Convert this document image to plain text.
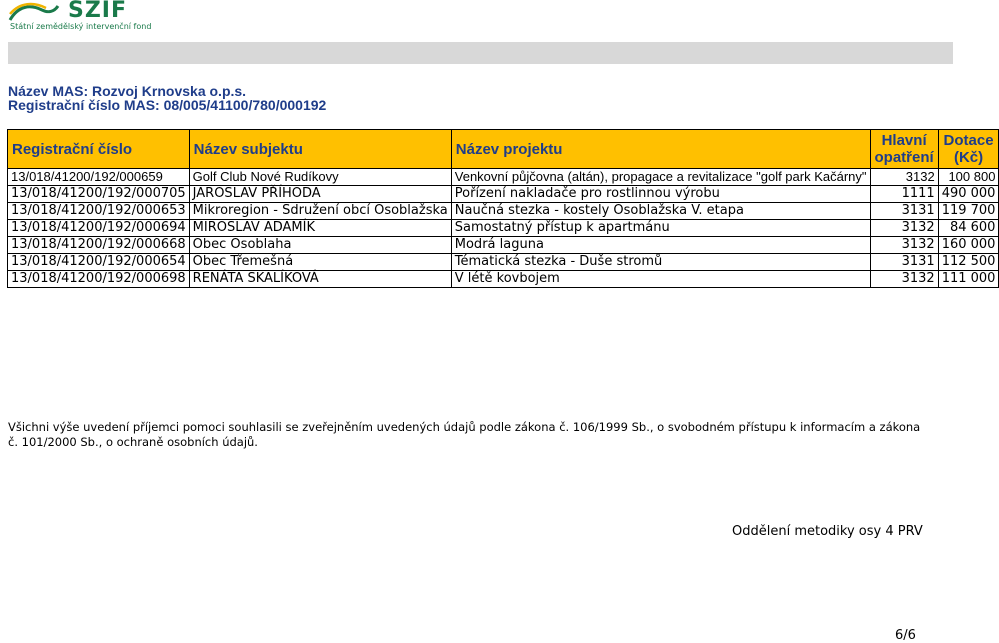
SZIF
Státní zemědělský intervenční fond
Název MAS: Rozvoj Krnovska o.p.s.
Registrační číslo MAS: 08/005/41100/780/000192
Registrační číslo	Název subjektu	Název projektu	Hlavní opatření	Dotace (Kč)
13/018/41200/192/000659	Golf Club Nové Rudíkovy	Venkovní půjčovna (altán), propagace a revitalizace "golf park Kačárny"	3132	100 800
13/018/41200/192/000705	JAROSLAV PŘÍHODA	Pořízení nakladače pro rostlinnou výrobu	1111	490 000
13/018/41200/192/000653	Mikroregion - Sdružení obcí Osoblažska	Naučná stezka - kostely Osoblažska V. etapa	3131	119 700
13/018/41200/192/000694	MIROSLAV ADAMÍK	Samostatný přístup k apartmánu	3132	84 600
13/018/41200/192/000668	Obec Osoblaha	Modrá laguna	3132	160 000
13/018/41200/192/000654	Obec Třemešná	Tématická stezka - Duše stromů	3131	112 500
13/018/41200/192/000698	RENÁTA SKALÍKOVÁ	V létě kovbojem	3132	111 000
Všichni výše uvedení příjemci pomoci souhlasili se zveřejněním uvedených údajů podle zákona č. 106/1999 Sb., o svobodném přístupu k informacím a zákona č. 101/2000 Sb., o ochraně osobních údajů.
Oddělení metodiky osy 4 PRV
6/6
